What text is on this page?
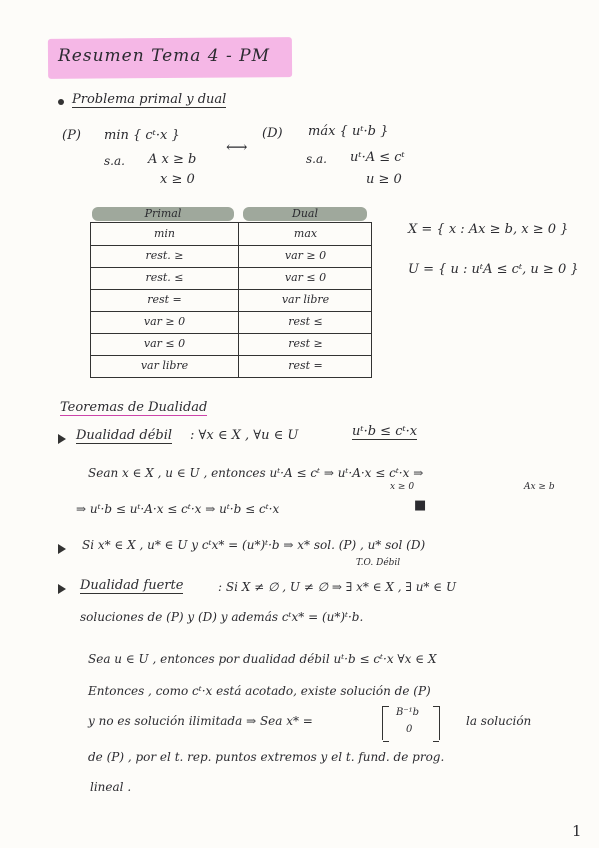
Resumen Tema 4 - PM
Problema primal y dual
(P) min { cᵗ·x }
s.a. A x ≥ b
x ≥ 0
⟷
(D) máx { uᵗ·b }
s.a. uᵗ·A ≤ cᵗ
u ≥ 0
Primal	Dual
min	max
rest. ≥	var ≥ 0
rest. ≤	var ≤ 0
rest =	var libre
var ≥ 0	rest ≤
var ≤ 0	rest ≥
var libre	rest =
X = { x : Ax ≥ b, x ≥ 0 }
U = { u : uᵗA ≤ cᵗ, u ≥ 0 }
Teoremas de Dualidad
Dualidad débil : ∀x ∈ X , ∀u ∈ U	uᵗ·b ≤ cᵗ·x
Sean x ∈ X , u ∈ U , entonces uᵗ·A ≤ cᵗ ⇒ uᵗ·A·x ≤ cᵗ·x ⇒
x ≥ 0	Ax ≥ b
⇒ uᵗ·b ≤ uᵗ·A·x ≤ cᵗ·x ⇒ uᵗ·b ≤ cᵗ·x	■
Si x* ∈ X , u* ∈ U y cᵗx* = (u*)ᵗ·b ⇒ x* sol. (P) , u* sol (D)
T.O. Débil
Dualidad fuerte	: Si X ≠ ∅ , U ≠ ∅ ⇒ ∃ x* ∈ X , ∃ u* ∈ U
soluciones de (P) y (D) y además cᵗx* = (u*)ᵗ·b.
Sea u ∈ U , entonces por dualidad débil uᵗ·b ≤ cᵗ·x ∀x ∈ X
Entonces , como cᵗ·x está acotado, existe solución de (P)
y no es solución ilimitada ⇒ Sea x* =
B⁻¹b
0
la solución
de (P) , por el t. rep. puntos extremos y el t. fund. de prog.
lineal .
1
